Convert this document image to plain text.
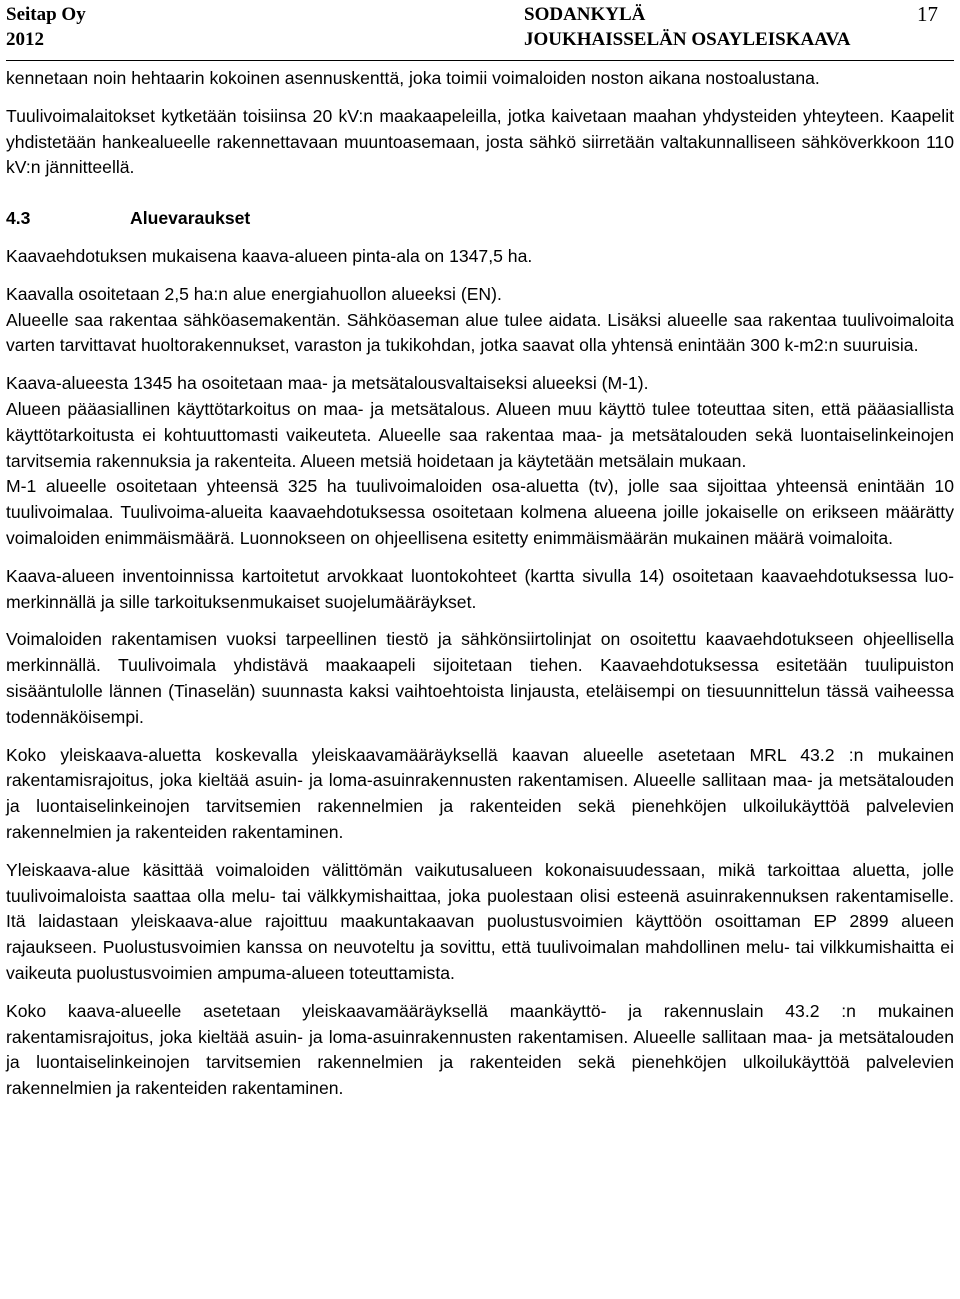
Seitap Oy
2012
SODANKYLÄ
JOUKHAISSELÄN OSAYLEISKAAVA
17

kennetaan noin hehtaarin kokoinen asennuskenttä, joka toimii voimaloiden noston aikana nostoalustana.

Tuulivoimalaitokset kytketään toisiinsa 20 kV:n maakaapeleilla, jotka kaivetaan maahan yhdysteiden yhteyteen. Kaapelit yhdistetään hankealueelle rakennettavaan muuntoasemaan, josta sähkö siirretään valtakunnalliseen sähköverkkoon 110 kV:n jännitteellä.

4.3	Aluevaraukset

Kaavaehdotuksen mukaisena kaava-alueen pinta-ala on 1347,5 ha.

Kaavalla osoitetaan 2,5 ha:n alue energiahuollon alueeksi (EN).

Alueelle saa rakentaa sähköasemakentän. Sähköaseman alue tulee aidata. Lisäksi alueelle saa rakentaa tuulivoimaloita varten tarvittavat huoltorakennukset, varaston ja tukikohdan, jotka saavat olla yhtensä enintään 300 k-m2:n suuruisia.

Kaava-alueesta 1345 ha osoitetaan maa- ja metsätalousvaltaiseksi alueeksi (M-1).

Alueen pääasiallinen käyttötarkoitus on maa- ja metsätalous. Alueen muu käyttö tulee toteuttaa siten, että pääasiallista käyttötarkoitusta ei kohtuuttomasti vaikeuteta. Alueelle saa rakentaa maa- ja metsätalouden sekä luontaiselinkeinojen tarvitsemia rakennuksia ja rakenteita. Alueen metsiä hoidetaan ja käytetään metsälain mukaan.

M-1 alueelle osoitetaan yhteensä 325 ha tuulivoimaloiden osa-aluetta (tv), jolle saa sijoittaa yhteensä enintään 10 tuulivoimalaa. Tuulivoima-alueita kaavaehdotuksessa osoitetaan kolmena alueena joille jokaiselle on erikseen määrätty voimaloiden enimmäismäärä. Luonnokseen on ohjeellisena esitetty enimmäismäärän mukainen määrä voimaloita.

Kaava-alueen inventoinnissa kartoitetut arvokkaat luontokohteet (kartta sivulla 14) osoitetaan kaavaehdotuksessa luo-merkinnällä ja sille tarkoituksenmukaiset suojelumääräykset.

Voimaloiden rakentamisen vuoksi tarpeellinen tiestö ja sähkönsiirtolinjat on osoitettu kaavaehdotukseen ohjeellisella merkinnällä. Tuulivoimala yhdistävä maakaapeli sijoitetaan tiehen. Kaavaehdotuksessa esitetään tuulipuiston sisääntulolle lännen (Tinaselän) suunnasta kaksi vaihtoehtoista linjausta, eteläisempi on tiesuunnittelun tässä vaiheessa todennäköisempi.

Koko yleiskaava-aluetta koskevalla yleiskaavamääräyksellä kaavan alueelle asetetaan MRL 43.2 :n mukainen rakentamisrajoitus, joka kieltää asuin- ja loma-asuinrakennusten rakentamisen. Alueelle sallitaan maa- ja metsätalouden ja luontaiselinkeinojen tarvitsemien rakennelmien ja rakenteiden sekä pienehköjen ulkoilukäyttöä palvelevien rakennelmien ja rakenteiden rakentaminen.

Yleiskaava-alue käsittää voimaloiden välittömän vaikutusalueen kokonaisuudessaan, mikä tarkoittaa aluetta, jolle tuulivoimaloista saattaa olla melu- tai välkkymishaittaa, joka puolestaan olisi esteenä asuinrakennuksen rakentamiselle. Itä laidastaan yleiskaava-alue rajoittuu maakuntakaavan puolustusvoimien käyttöön osoittaman EP 2899 alueen rajaukseen. Puolustusvoimien kanssa on neuvoteltu ja sovittu, että tuulivoimalan mahdollinen melu- tai vilkkumishaitta ei vaikeuta puolustusvoimien ampuma-alueen toteuttamista.

Koko kaava-alueelle asetetaan yleiskaavamääräyksellä maankäyttö- ja rakennuslain 43.2 :n mukainen rakentamisrajoitus, joka kieltää asuin- ja loma-asuinrakennusten rakentamisen. Alueelle sallitaan maa- ja metsätalouden ja luontaiselinkeinojen tarvitsemien rakennelmien ja rakenteiden sekä pienehköjen ulkoilukäyttöä palvelevien rakennelmien ja rakenteiden rakentaminen.
